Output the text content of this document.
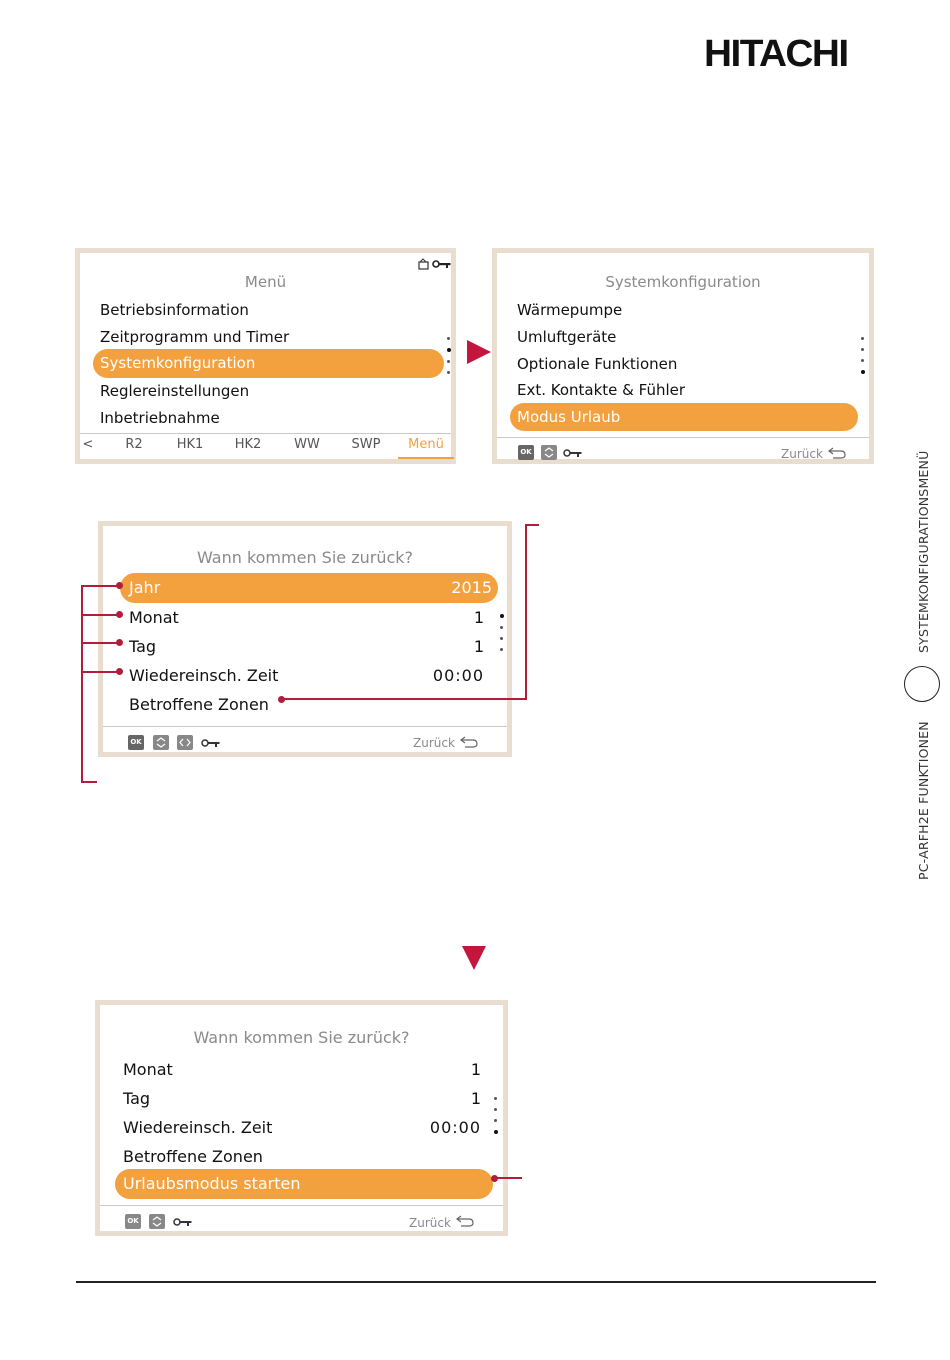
HITACHI
SYSTEMKONFIGURATIONSMENÜ
PC-ARFH2E FUNKTIONEN
Menü
Betriebsinformation
Zeitprogramm und Timer
Systemkonfiguration
Reglereinstellungen
Inbetriebnahme
<	R2	HK1	HK2	WW	SWP	Menü
Systemkonfiguration
Wärmepumpe
Umluftgeräte
Optionale Funktionen
Ext. Kontakte & Fühler
Modus Urlaub
OK	Zurück
Wann kommen Sie zurück?
Jahr	2015
Monat	1
Tag	1
Wiedereinsch. Zeit	00:00
Betroffene Zonen
OK	Zurück
Wann kommen Sie zurück?
Monat	1
Tag	1
Wiedereinsch. Zeit	00:00
Betroffene Zonen
Urlaubsmodus starten
OK	Zurück
